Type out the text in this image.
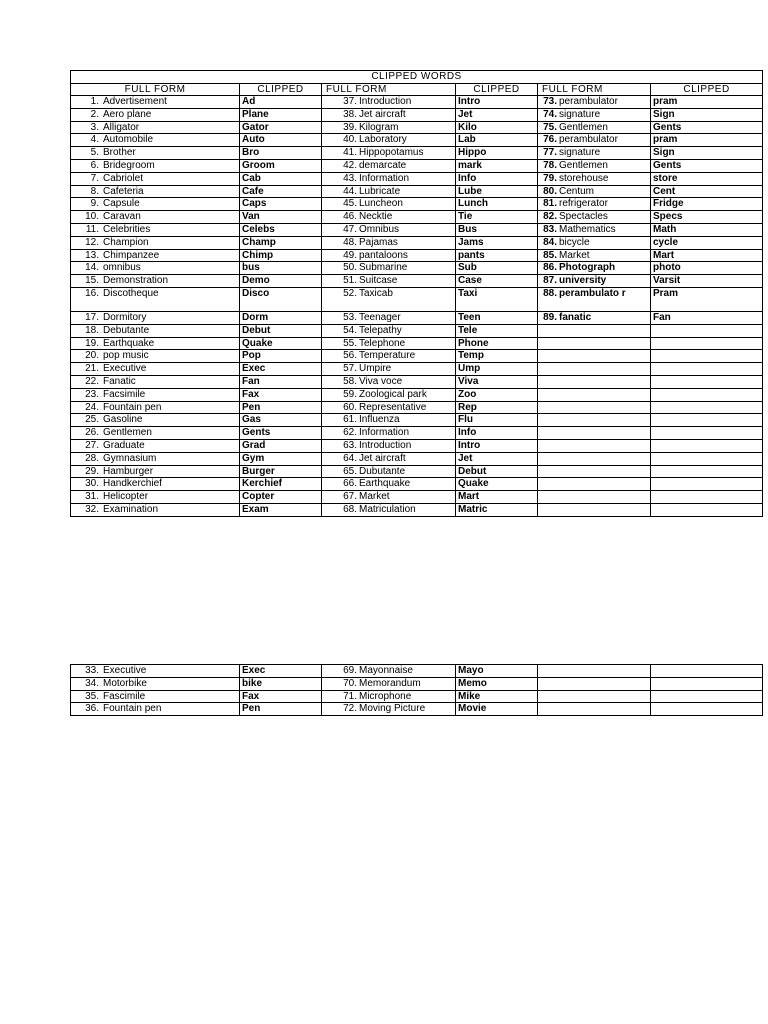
CLIPPED WORDS					
FULL FORM	CLIPPED	FULL FORM	CLIPPED	FULL FORM	CLIPPED
1. Advertisement	Ad	37. Introduction	Intro	73. perambulator	pram
2. Aero plane	Plane	38. Jet aircraft	Jet	74. signature	Sign
3. Alligator	Gator	39. Kilogram	Kilo	75. Gentlemen	Gents
4. Automobile	Auto	40. Laboratory	Lab	76. perambulator	pram
5. Brother	Bro	41. Hippopotamus	Hippo	77. signature	Sign
6. Bridegroom	Groom	42. demarcate	mark	78. Gentlemen	Gents
7. Cabriolet	Cab	43. Information	Info	79. storehouse	store
8. Cafeteria	Cafe	44. Lubricate	Lube	80. Centum	Cent
9. Capsule	Caps	45. Luncheon	Lunch	81. refrigerator	Fridge
10. Caravan	Van	46. Necktie	Tie	82. Spectacles	Specs
11. Celebrities	Celebs	47. Omnibus	Bus	83. Mathematics	Math
12. Champion	Champ	48. Pajamas	Jams	84. bicycle	cycle
13. Chimpanzee	Chimp	49. pantaloons	pants	85. Market	Mart
14. omnibus	bus	50. Submarine	Sub	86. Photograph	photo
15. Demonstration	Demo	51. Suitcase	Case	87. university	Varsit
16. Discotheque	Disco	52. Taxicab	Taxi	88. perambulato r	Pram
17. Dormitory	Dorm	53. Teenager	Teen	89. fanatic	Fan
18. Debutante	Debut	54. Telepathy	Tele		
19. Earthquake	Quake	55. Telephone	Phone		
20. pop music	Pop	56. Temperature	Temp		
21. Executive	Exec	57. Umpire	Ump		
22. Fanatic	Fan	58. Viva voce	Viva		
23. Facsimile	Fax	59. Zoological park	Zoo		
24. Fountain pen	Pen	60. Representative	Rep		
25. Gasoline	Gas	61. Influenza	Flu		
26. Gentlemen	Gents	62. Information	Info		
27. Graduate	Grad	63. Introduction	Intro		
28. Gymnasium	Gym	64. Jet aircraft	Jet		
29. Hamburger	Burger	65. Dubutante	Debut		
30. Handkerchief	Kerchief	66. Earthquake	Quake		
31. Helicopter	Copter	67. Market	Mart		
32. Examination	Exam	68. Matriculation	Matric		
33. Executive	Exec	69. Mayonnaise	Mayo		
34. Motorbike	bike	70. Memorandum	Memo		
35. Fascimile	Fax	71. Microphone	Mike		
36. Fountain pen	Pen	72. Moving Picture	Movie		
